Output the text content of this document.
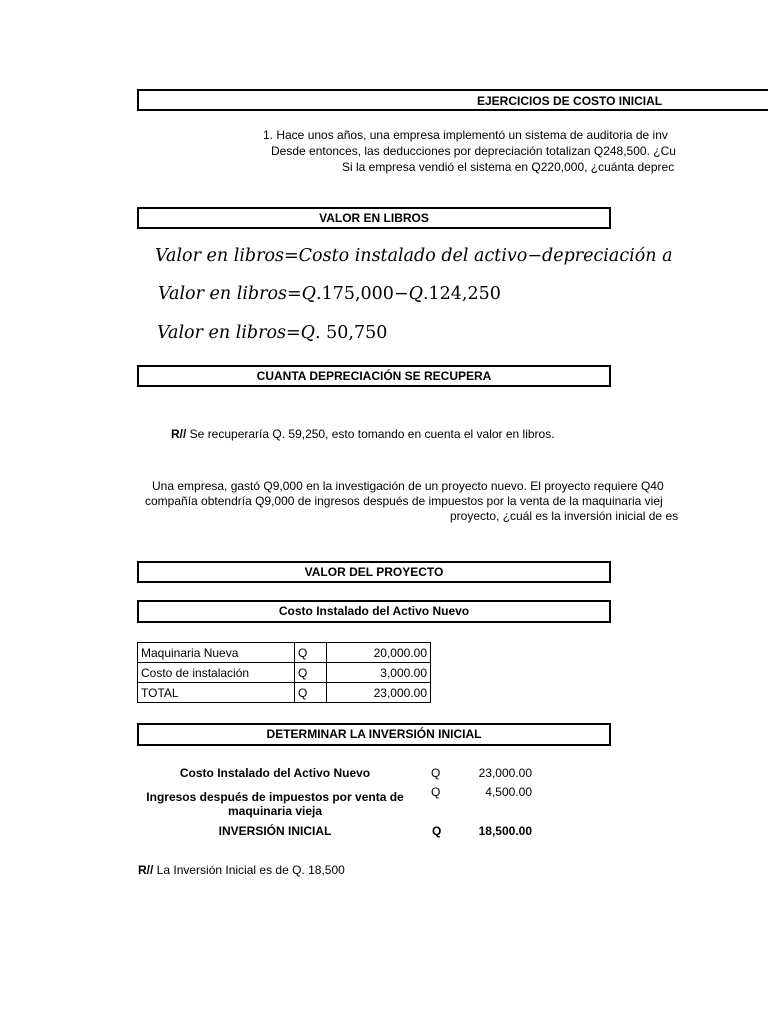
EJERCICIOS DE COSTO INICIAL
1. Hace unos años, una empresa implementó un sistema de auditoria de inv
Desde entonces, las deducciones por depreciación totalizan Q248,500. ¿Cu
Si la empresa vendió el sistema en Q220,000, ¿cuánta deprec
VALOR EN LIBROS
Valor en libros=Costo instalado del activo−depreciación a
Valor en libros=Q.175,000−Q.124,250
Valor en libros=Q. 50,750
CUANTA DEPRECIACIÓN SE RECUPERA
R// Se recuperaría Q. 59,250, esto tomando en cuenta el valor en libros.
Una empresa, gastó Q9,000 en la investigación de un proyecto nuevo. El proyecto requiere Q40
compañía obtendría Q9,000 de ingresos después de impuestos por la venta de la maquinaria viej
proyecto, ¿cuál es la inversión inicial de es
VALOR DEL PROYECTO
Costo Instalado del Activo Nuevo
Maquinaria Nueva	Q	20,000.00
Costo de instalación	Q	3,000.00
TOTAL	Q	23,000.00
DETERMINAR LA INVERSIÓN INICIAL
Costo Instalado del Activo Nuevo	Q	23,000.00
Ingresos después de impuestos por venta de
maquinaria vieja
Q	4,500.00
INVERSIÓN INICIAL	Q	18,500.00
R// La Inversión Inicial es de Q. 18,500
